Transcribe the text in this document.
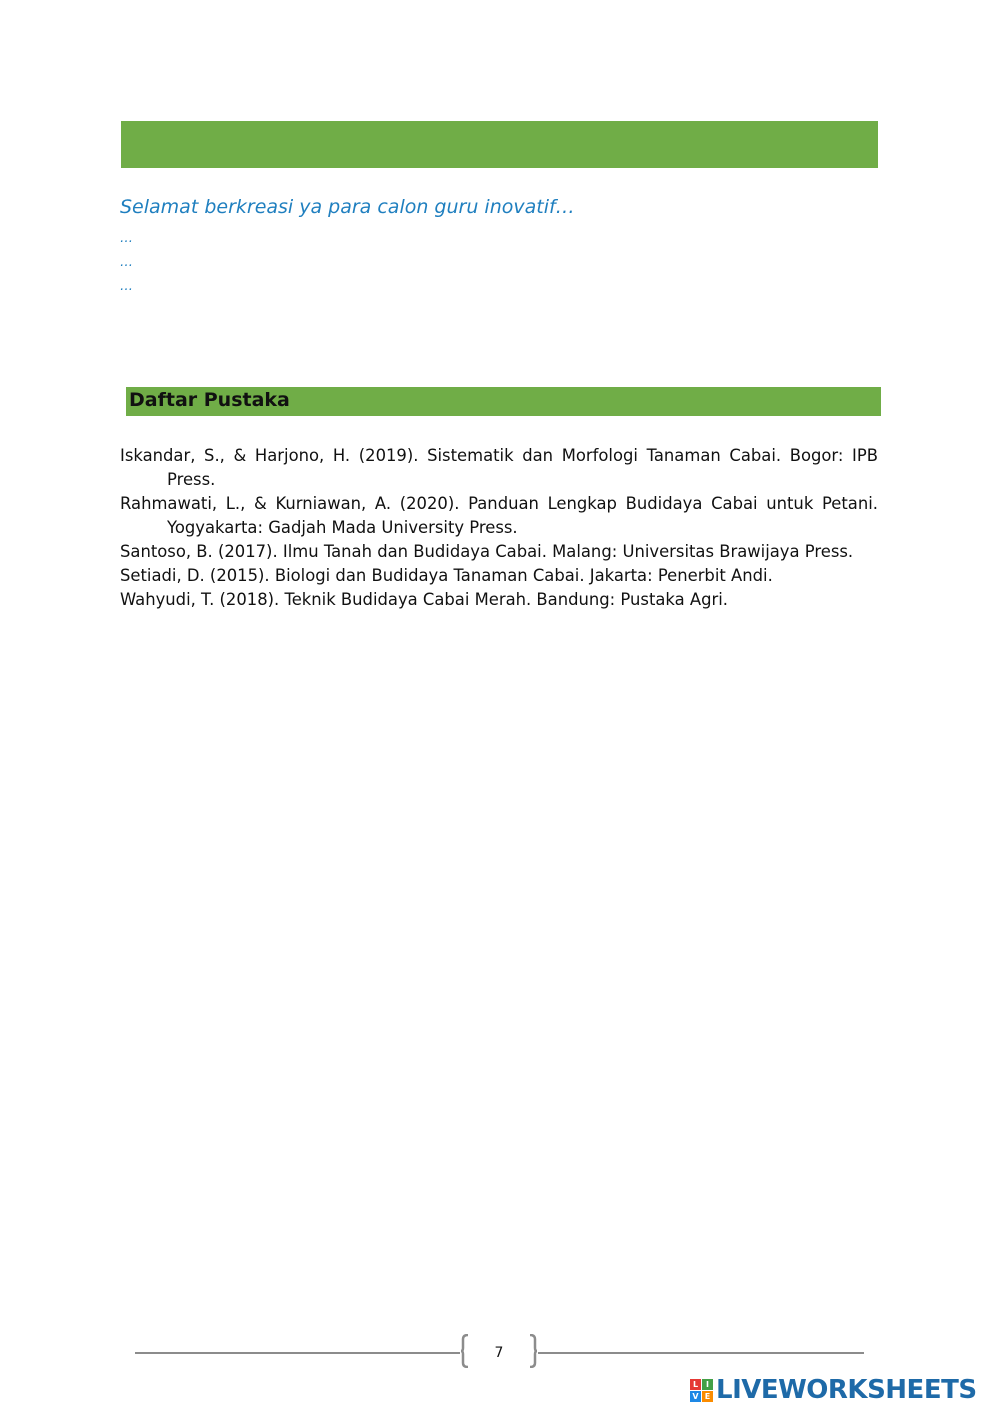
Selamat berkreasi ya para calon guru inovatif…
…
…
…
Daftar Pustaka
Iskandar, S., & Harjono, H. (2019). Sistematik dan Morfologi Tanaman Cabai. Bogor: IPB Press.
Rahmawati, L., & Kurniawan, A. (2020). Panduan Lengkap Budidaya Cabai untuk Petani. Yogyakarta: Gadjah Mada University Press.
Santoso, B. (2017). Ilmu Tanah dan Budidaya Cabai. Malang: Universitas Brawijaya Press.
Setiadi, D. (2015). Biologi dan Budidaya Tanaman Cabai. Jakarta: Penerbit Andi.
Wahyudi, T. (2018). Teknik Budidaya Cabai Merah. Bandung: Pustaka Agri.
7
L I
V E LIVEWORKSHEETS
